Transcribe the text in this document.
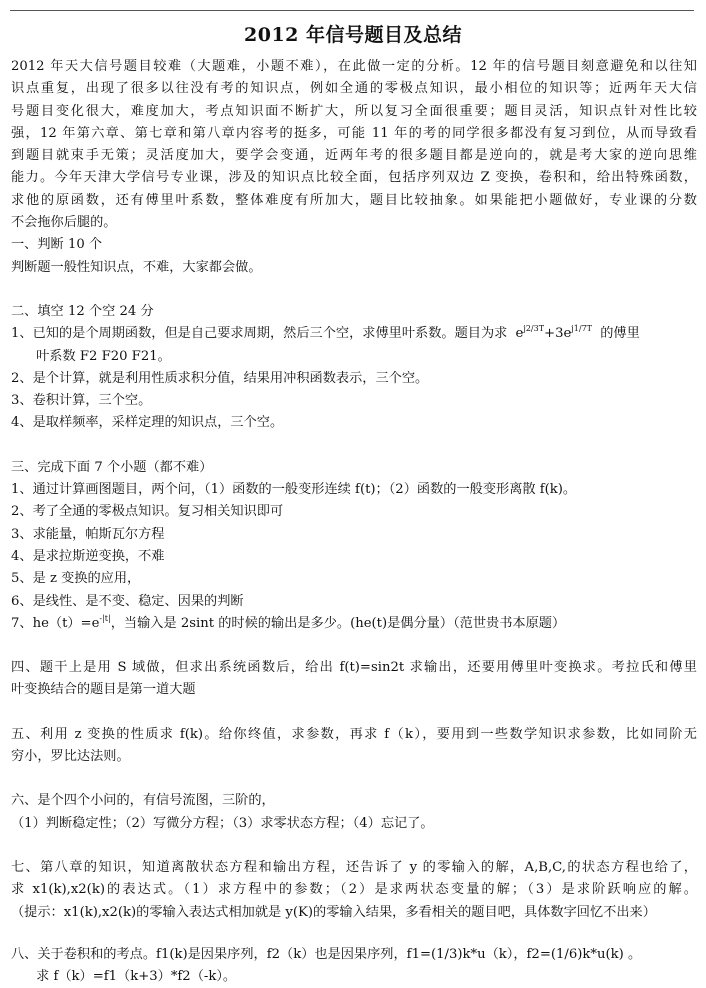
2012 年信号题目及总结

2012 年天大信号题目较难（大题难，小题不难），在此做一定的分析。12 年的信号题目刻意避免和以往知

识点重复，出现了很多以往没有考的知识点，例如全通的零极点知识，最小相位的知识等；近两年天大信

号题目变化很大，难度加大，考点知识面不断扩大，所以复习全面很重要；题目灵活，知识点针对性比较

强，12 年第六章、第七章和第八章内容考的挺多，可能 11 年的考的同学很多都没有复习到位，从而导致看

到题目就束手无策；灵活度加大，要学会变通，近两年考的很多题目都是逆向的，就是考大家的逆向思维

能力。今年天津大学信号专业课，涉及的知识点比较全面，包括序列双边 Z 变换，卷积和，给出特殊函数，

求他的原函数，还有傅里叶系数，整体难度有所加大，题目比较抽象。如果能把小题做好，专业课的分数

不会拖你后腿的。

一、判断 10 个

判断题一般性知识点，不难，大家都会做。

二、填空 12 个空 24 分

1、已知的是个周期函数，但是自己要求周期，然后三个空，求傅里叶系数。题目为求 $e^{j2/3T}+3e^{j1/7T}$ 的傅里

叶系数 F2 F20 F21。

2、是个计算，就是利用性质求积分值，结果用冲积函数表示，三个空。

3、卷积计算，三个空。

4、是取样频率，采样定理的知识点，三个空。

三、完成下面 7 个小题（都不难）

1、通过计算画图题目，两个问，（1）函数的一般变形连续 f(t)；（2）函数的一般变形离散 f(k)。

2、考了全通的零极点知识。复习相关知识即可

3、求能量，帕斯瓦尔方程

4、是求拉斯逆变换，不难

5、是 z 变换的应用，

6、是线性、是不变、稳定、因果的判断

7、$he(t)=e^{-|t|}$，当输入是 2sint 的时候的输出是多少。(he(t)是偶分量）（范世贵书本原题）

四、题干上是用 S 域做，但求出系统函数后，给出 f(t)=sin2t 求输出，还要用傅里叶变换求。考拉氏和傅里

叶变换结合的题目是第一道大题

五、利用 z 变换的性质求 f(k)。给你终值，求参数，再求 f（k），要用到一些数学知识求参数，比如同阶无

穷小，罗比达法则。

六、是个四个小问的，有信号流图，三阶的，

（1）判断稳定性；（2）写微分方程；（3）求零状态方程；（4）忘记了。

七、第八章的知识，知道离散状态方程和输出方程，还告诉了 y 的零输入的解，A,B,C,的状态方程也给了，

求 x1(k),x2(k)的表达式。（1）求方程中的参数；（2）是求两状态变量的解；（3）是求阶跃响应的解。

（提示：x1(k),x2(k)的零输入表达式相加就是 y(K)的零输入结果，多看相关的题目吧，具体数字回忆不出来）

八、关于卷积和的考点。f1(k)是因果序列，f2（k）也是因果序列，f1=(1/3)k*u（k），f2=(1/6)k*u(k) 。

求 f（k）=f1（k+3）*f2（-k）。
